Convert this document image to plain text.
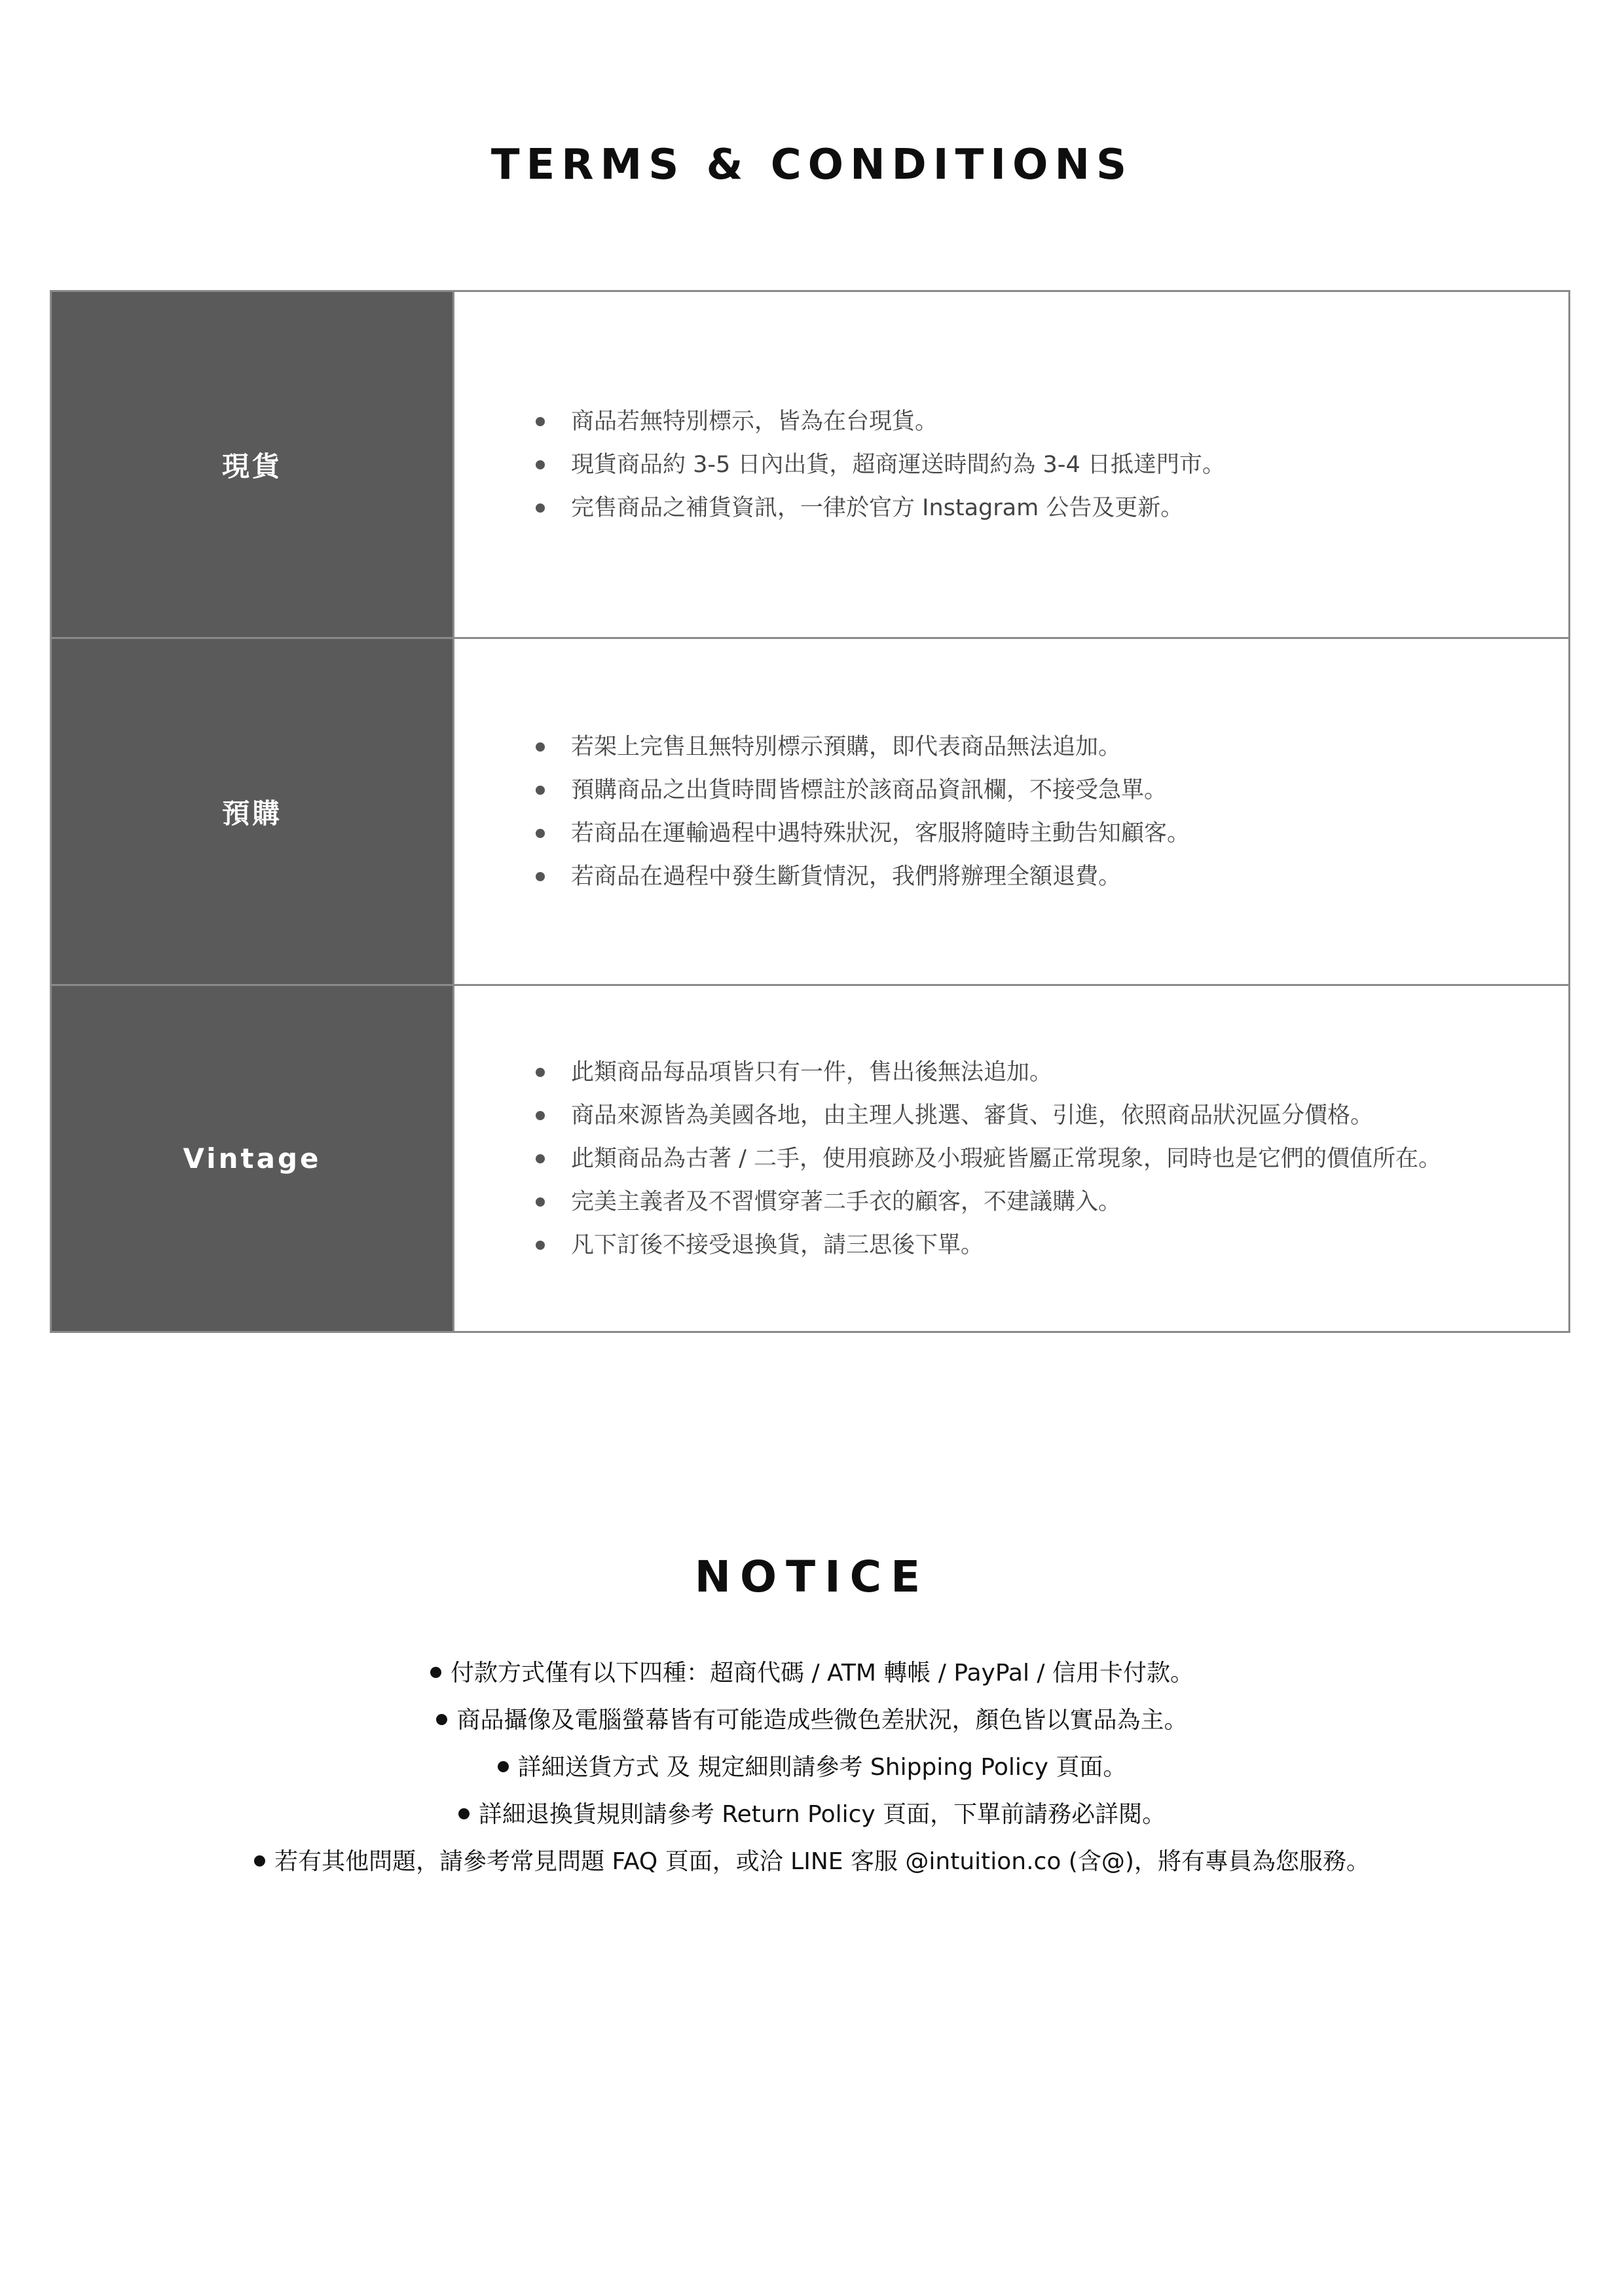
TERMS & CONDITIONS
現貨
商品若無特別標示，皆為在台現貨。
現貨商品約 3-5 日內出貨，超商運送時間約為 3-4 日抵達門市。
完售商品之補貨資訊，一律於官方 Instagram 公告及更新。
預購
若架上完售且無特別標示預購，即代表商品無法追加。
預購商品之出貨時間皆標註於該商品資訊欄，不接受急單。
若商品在運輸過程中遇特殊狀況，客服將隨時主動告知顧客。
若商品在過程中發生斷貨情況，我們將辦理全額退費。
Vintage
此類商品每品項皆只有一件，售出後無法追加。
商品來源皆為美國各地，由主理人挑選、審貨、引進，依照商品狀況區分價格。
此類商品為古著 / 二手，使用痕跡及小瑕疵皆屬正常現象，同時也是它們的價值所在。
完美主義者及不習慣穿著二手衣的顧客，不建議購入。
凡下訂後不接受退換貨，請三思後下單。
NOTICE
付款方式僅有以下四種：超商代碼 / ATM 轉帳 / PayPal / 信用卡付款。
商品攝像及電腦螢幕皆有可能造成些微色差狀況，顏色皆以實品為主。
詳細送貨方式 及 規定細則請參考 Shipping Policy 頁面。
詳細退換貨規則請參考 Return Policy 頁面，下單前請務必詳閱。
若有其他問題，請參考常見問題 FAQ 頁面，或洽 LINE 客服 @intuition.co (含@)，將有專員為您服務。
